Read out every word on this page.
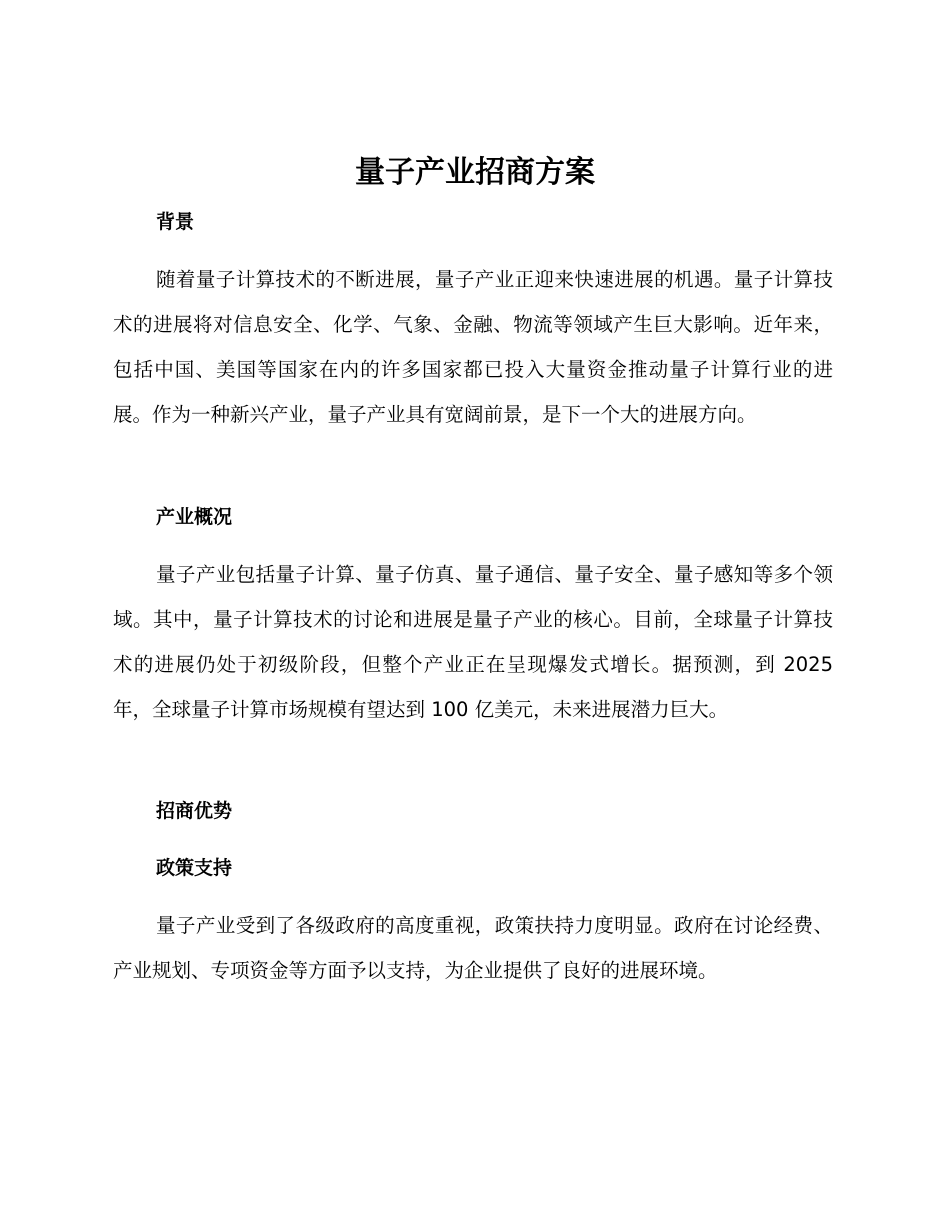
量子产业招商方案
背景

随着量子计算技术的不断进展，量子产业正迎来快速进展的机遇。量子计算技术的进展将对信息安全、化学、气象、金融、物流等领域产生巨大影响。近年来，包括中国、美国等国家在内的许多国家都已投入大量资金推动量子计算行业的进展。作为一种新兴产业，量子产业具有宽阔前景，是下一个大的进展方向。

产业概况

量子产业包括量子计算、量子仿真、量子通信、量子安全、量子感知等多个领域。其中，量子计算技术的讨论和进展是量子产业的核心。目前，全球量子计算技术的进展仍处于初级阶段，但整个产业正在呈现爆发式增长。据预测，到 2025 年，全球量子计算市场规模有望达到 100 亿美元，未来进展潜力巨大。

招商优势
政策支持

量子产业受到了各级政府的高度重视，政策扶持力度明显。政府在讨论经费、产业规划、专项资金等方面予以支持，为企业提供了良好的进展环境。
